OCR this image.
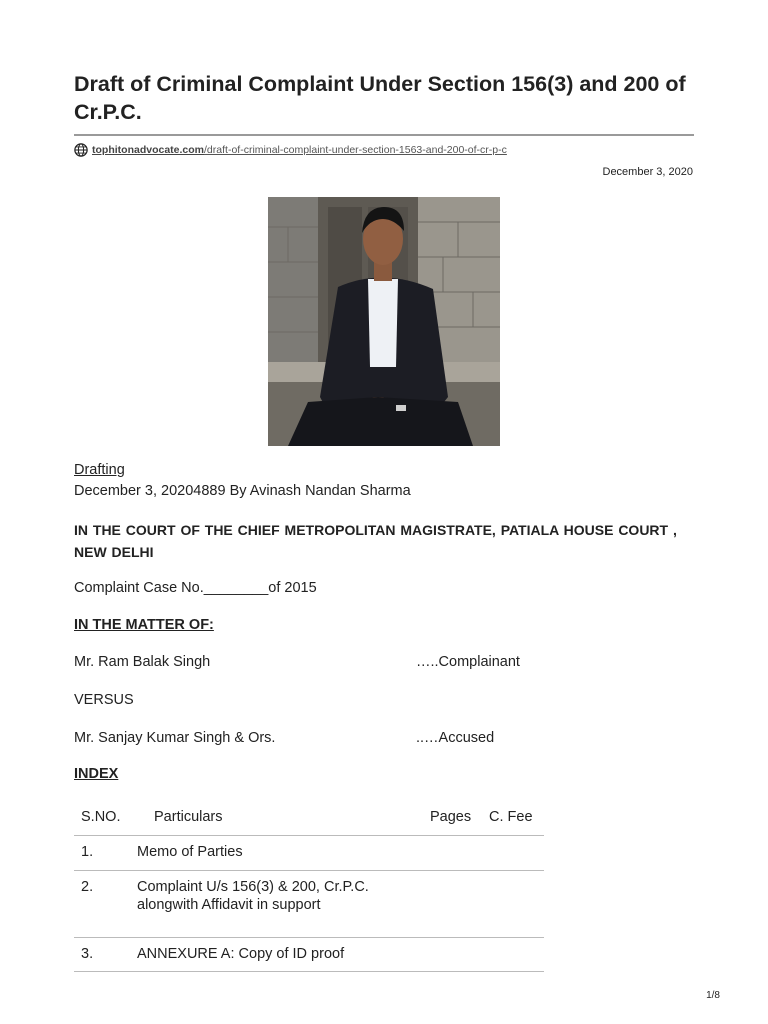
Draft of Criminal Complaint Under Section 156(3) and 200 of Cr.P.C.
tophitonadvocate.com/draft-of-criminal-complaint-under-section-1563-and-200-of-cr-p-c
December 3, 2020
Drafting
December 3, 20204889 By Avinash Nandan Sharma
IN THE COURT OF THE CHIEF METROPOLITAN MAGISTRATE, PATIALA HOUSE COURT , NEW DELHI
Complaint Case No.________of 2015
IN THE MATTER OF:
Mr. Ram Balak Singh	…..Complainant
VERSUS
Mr. Sanjay Kumar Singh & Ors.	..…Accused
INDEX
S.NO. Particulars	Pages C. Fee
1.	Memo of Parties
2.	Complaint U/s 156(3) & 200, Cr.P.C.
alongwith Affidavit in support
3.	ANNEXURE A: Copy of ID proof
1/8
